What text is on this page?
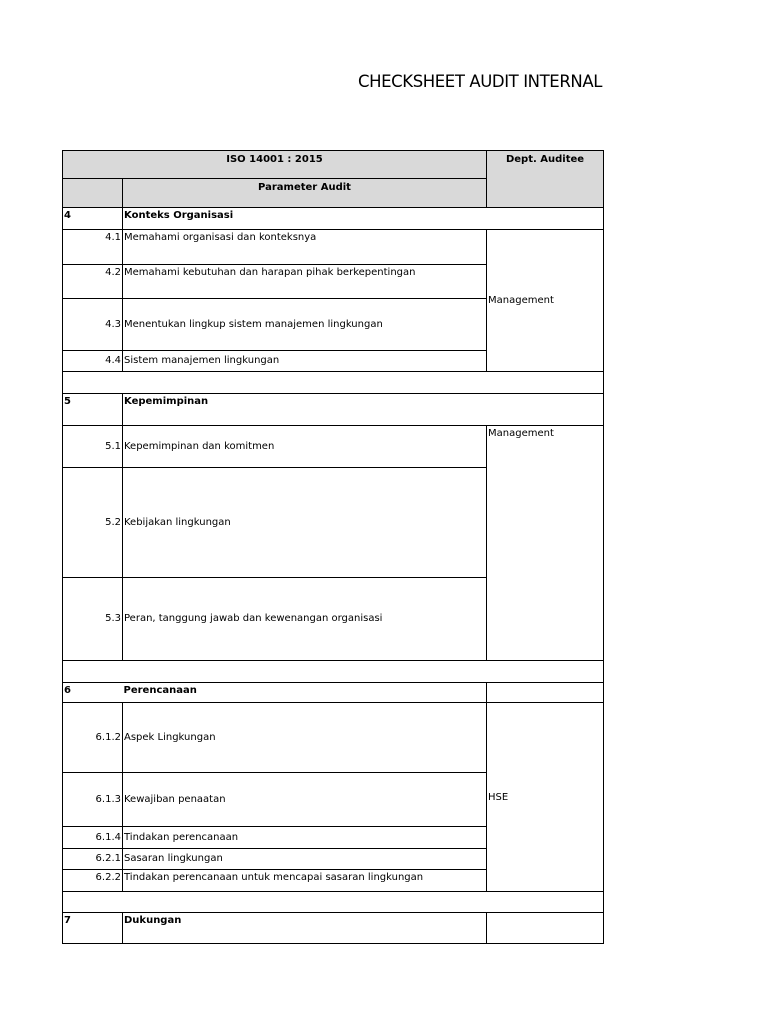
CHECKSHEET AUDIT INTERNAL
ISO 14001 : 2015		Dept. Auditee
	Parameter Audit	
4	Konteks Organisasi	
4.1	Memahami organisasi dan konteksnya	Management
4.2	Memahami kebutuhan dan harapan pihak berkepentingan	
4.3	Menentukan lingkup sistem manajemen lingkungan	
4.4	Sistem manajemen lingkungan	

5	Kepemimpinan	
5.1	Kepemimpinan dan komitmen	Management
5.2	Kebijakan lingkungan	
5.3	Peran, tanggung jawab dan kewenangan organisasi	

6	Perencanaan	
6.1.2	Aspek Lingkungan	HSE
6.1.3	Kewajiban penaatan	
6.1.4	Tindakan perencanaan	
6.2.1	Sasaran lingkungan	
6.2.2	Tindakan perencanaan untuk mencapai sasaran lingkungan	

7	Dukungan	
